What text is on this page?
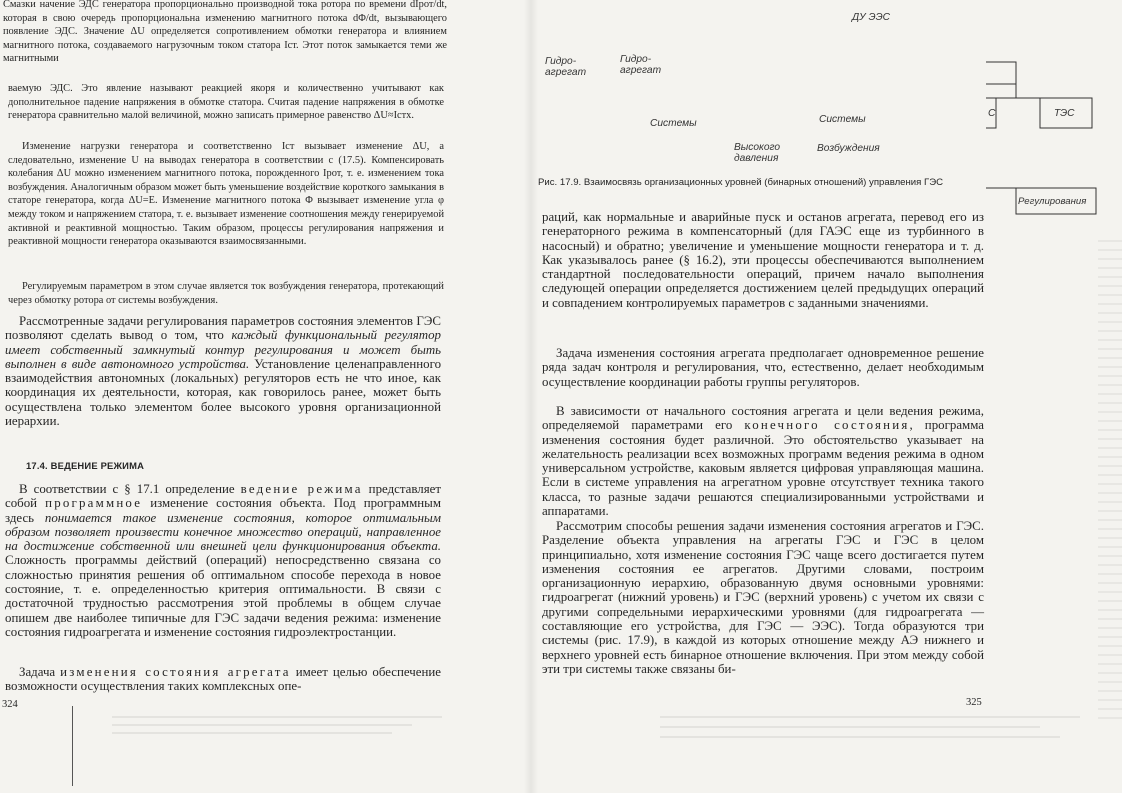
Смазки начение ЭДС генератора пропорционально производной тока ротора по времени dIрот/dt, которая в свою очередь пропорциональна изменению магнитного потока dΦ/dt, вызывающего появление ЭДС. Значение ΔU определяется сопротивлением обмотки генератора и влиянием магнитного потока, создаваемого нагрузочным током статора Iст. Этот поток замыкается теми же магнитными

ваемую ЭДС. Это явление называют реакцией якоря и количественно учитывают как дополнительное падение напряжения в обмотке статора. Считая падение напряжения в обмотке генератора сравнительно малой величиной, можно записать примерное равенство ΔU≈Iстx.

Изменение нагрузки генератора и соответственно Iст вызывает изменение ΔU, а следовательно, изменение U на выводах генератора в соответствии с (17.5). Компенсировать колебания ΔU можно изменением магнитного потока, порожденного Iрот, т. е. изменением тока возбуждения. Аналогичным образом может быть уменьшение воздействие короткого замыкания в статоре генератора, когда ΔU=E. Изменение магнитного потока Φ вызывает изменение угла φ между током и напряжением статора, т. е. вызывает изменение соотношения между генерируемой активной и реактивной мощностью. Таким образом, процессы регулирования напряжения и реактивной мощности генератора оказываются взаимосвязанными.

Регулируемым параметром в этом случае является ток возбуждения генератора, протекающий через обмотку ротора от системы возбуждения.

Рассмотренные задачи регулирования параметров состояния элементов ГЭС позволяют сделать вывод о том, что каждый функциональный регулятор имеет собственный замкнутый контур регулирования и может быть выполнен в виде автономного устройства. Установление целенаправленного взаимодействия автономных (локальных) регуляторов есть не что иное, как координация их деятельности, которая, как говорилось ранее, может быть осуществлена только элементом более высокого уровня организационной иерархии.

17.4. ВЕДЕНИЕ РЕЖИМА

В соответствии с § 17.1 определение ведение режима представляет собой программное изменение состояния объекта. Под программным здесь понимается такое изменение состояния, которое оптимальным образом позволяет произвести конечное множество операций, направленное на достижение собственной или внешней цели функционирования объекта. Сложность программы действий (операций) непосредственно связана со сложностью принятия решения об оптимальном способе перехода в новое состояние, т. е. определенностью критерия оптимальности. В связи с достаточной трудностью рассмотрения этой проблемы в общем случае опишем две наиболее типичные для ГЭС задачи ведения режима: изменение состояния гидроагрегата и изменение состояния гидроэлектростанции.

Задача изменения состояния агрегата имеет целью обеспечение возможности осуществления таких комплексных опе-

324
ДУ ЭЭС
Гидро-
агрегат
Гидро-
агрегат
Системы	Системы
Высокого
давления
Возбуждения
С	ТЭС
Регулирования

Рис. 17.9. Взаимосвязь организационных уровней (бинарных отношений) управления ГЭС

раций, как нормальные и аварийные пуск и останов агрегата, перевод его из генераторного режима в компенсаторный (для ГАЭС еще из турбинного в насосный) и обратно; увеличение и уменьшение мощности генератора и т. д. Как указывалось ранее (§ 16.2), эти процессы обеспечиваются выполнением стандартной последовательности операций, причем начало выполнения следующей операции определяется достижением целей предыдущих операций и совпадением контролируемых параметров с заданными значениями.

Задача изменения состояния агрегата предполагает одновременное решение ряда задач контроля и регулирования, что, естественно, делает необходимым осуществление координации работы группы регуляторов.

В зависимости от начального состояния агрегата и цели ведения режима, определяемой параметрами его конечного состояния, программа изменения состояния будет различной. Это обстоятельство указывает на желательность реализации всех возможных программ ведения режима в одном универсальном устройстве, каковым является цифровая управляющая машина. Если в системе управления на агрегатном уровне отсутствует техника такого класса, то разные задачи решаются специализированными устройствами и аппаратами.

Рассмотрим способы решения задачи изменения состояния агрегатов и ГЭС. Разделение объекта управления на агрегаты ГЭС и ГЭС в целом принципиально, хотя изменение состояния ГЭС чаще всего достигается путем изменения состояния ее агрегатов. Другими словами, построим организационную иерархию, образованную двумя основными уровнями: гидроагрегат (нижний уровень) и ГЭС (верхний уровень) с учетом их связи с другими сопредельными иерархическими уровнями (для гидроагрегата — составляющие его устройства, для ГЭС — ЭЭС). Тогда образуются три системы (рис. 17.9), в каждой из которых отношение между АЭ нижнего и верхнего уровней есть бинарное отношение включения. При этом между собой эти три системы также связаны би-

325
